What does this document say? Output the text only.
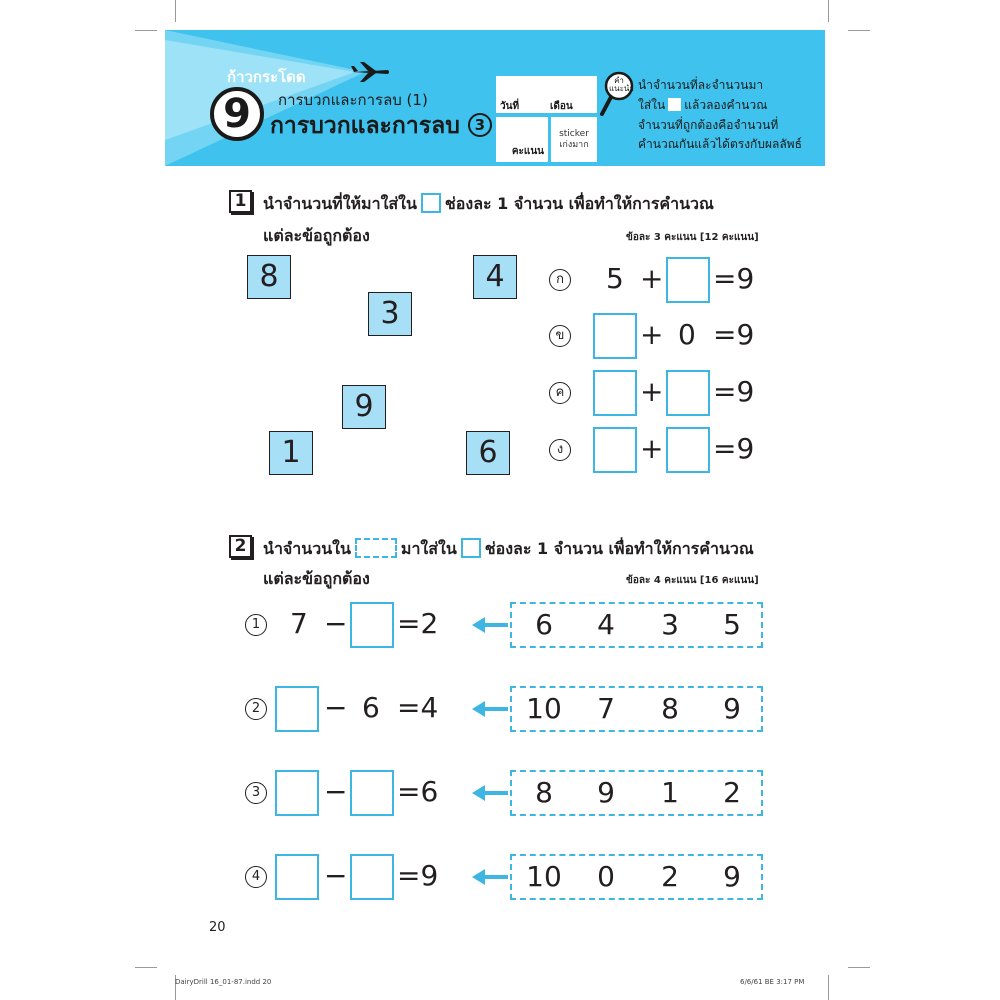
ก้าวกระโดด
9	การบวกและการลบ (1)
การบวกและการลบ 3
วันที่	เดือน
คะแนน
sticker
เก่งมาก
คำแนะนำ นำจำนวนที่ละจำนวนมา
ใส่ใน แล้วลองคำนวณ
จำนวนที่ถูกต้องคือจำนวนที่
คำนวณกันแล้วได้ตรงกับผลลัพธ์
1	นำจำนวนที่ให้มาใส่ใน ช่องละ 1 จำนวน เพื่อทำให้การคำนวณ
แต่ละข้อถูกต้อง	ข้อละ 3 คะแนน [12 คะแนน]
8	4
3
9
1	6
ก 5 + =9
ข	+ 0 =9
ค	+ =9
ง	+ =9
2	นำจำนวนใน	มาใส่ใน ช่องละ 1 จำนวน เพื่อทำให้การคำนวณ
แต่ละข้อถูกต้อง	ข้อละ 4 คะแนน [16 คะแนน]
1 7 − =2	6	4	3	5
2 − 6 =4	10	7	8	9
3 − =6	8	9	1	2
4 − =9	10	0	2	9
20
DairyDrill 16_01-87.indd 20	6/6/61 BE 3:17 PM
